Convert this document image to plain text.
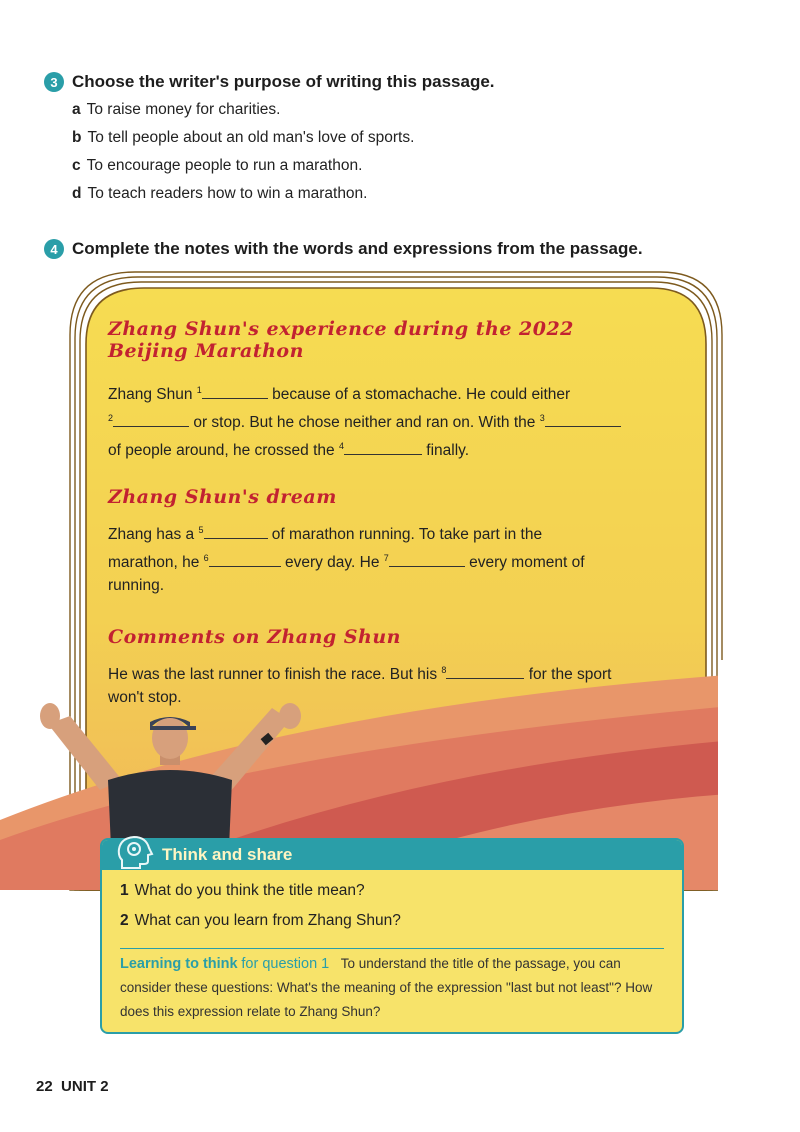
3 Choose the writer's purpose of writing this passage.
a To raise money for charities.
b To tell people about an old man's love of sports.
c To encourage people to run a marathon.
d To teach readers how to win a marathon.
4 Complete the notes with the words and expressions from the passage.
Zhang Shun's experience during the 2022
Beijing Marathon
Zhang Shun $^1$	because of a stomachache. He could either
$^2$	or stop. But he chose neither and ran on. With the $^3$
of people around, he crossed the $^4$	finally.
Zhang Shun's dream
Zhang has a $^5$	of marathon running. To take part in the
marathon, he $^6$	every day. He $^7$	every moment of
running.
Comments on Zhang Shun
He was the last runner to finish the race. But his $^8$	for the sport
won't stop.
Think and share
1 What do you think the title mean?
2 What can you learn from Zhang Shun?
Learning to think for question 1 To understand the title of the passage, you can consider these questions: What's the meaning of the expression "last but not least"? How does this expression relate to Zhang Shun?
22 UNIT 2
